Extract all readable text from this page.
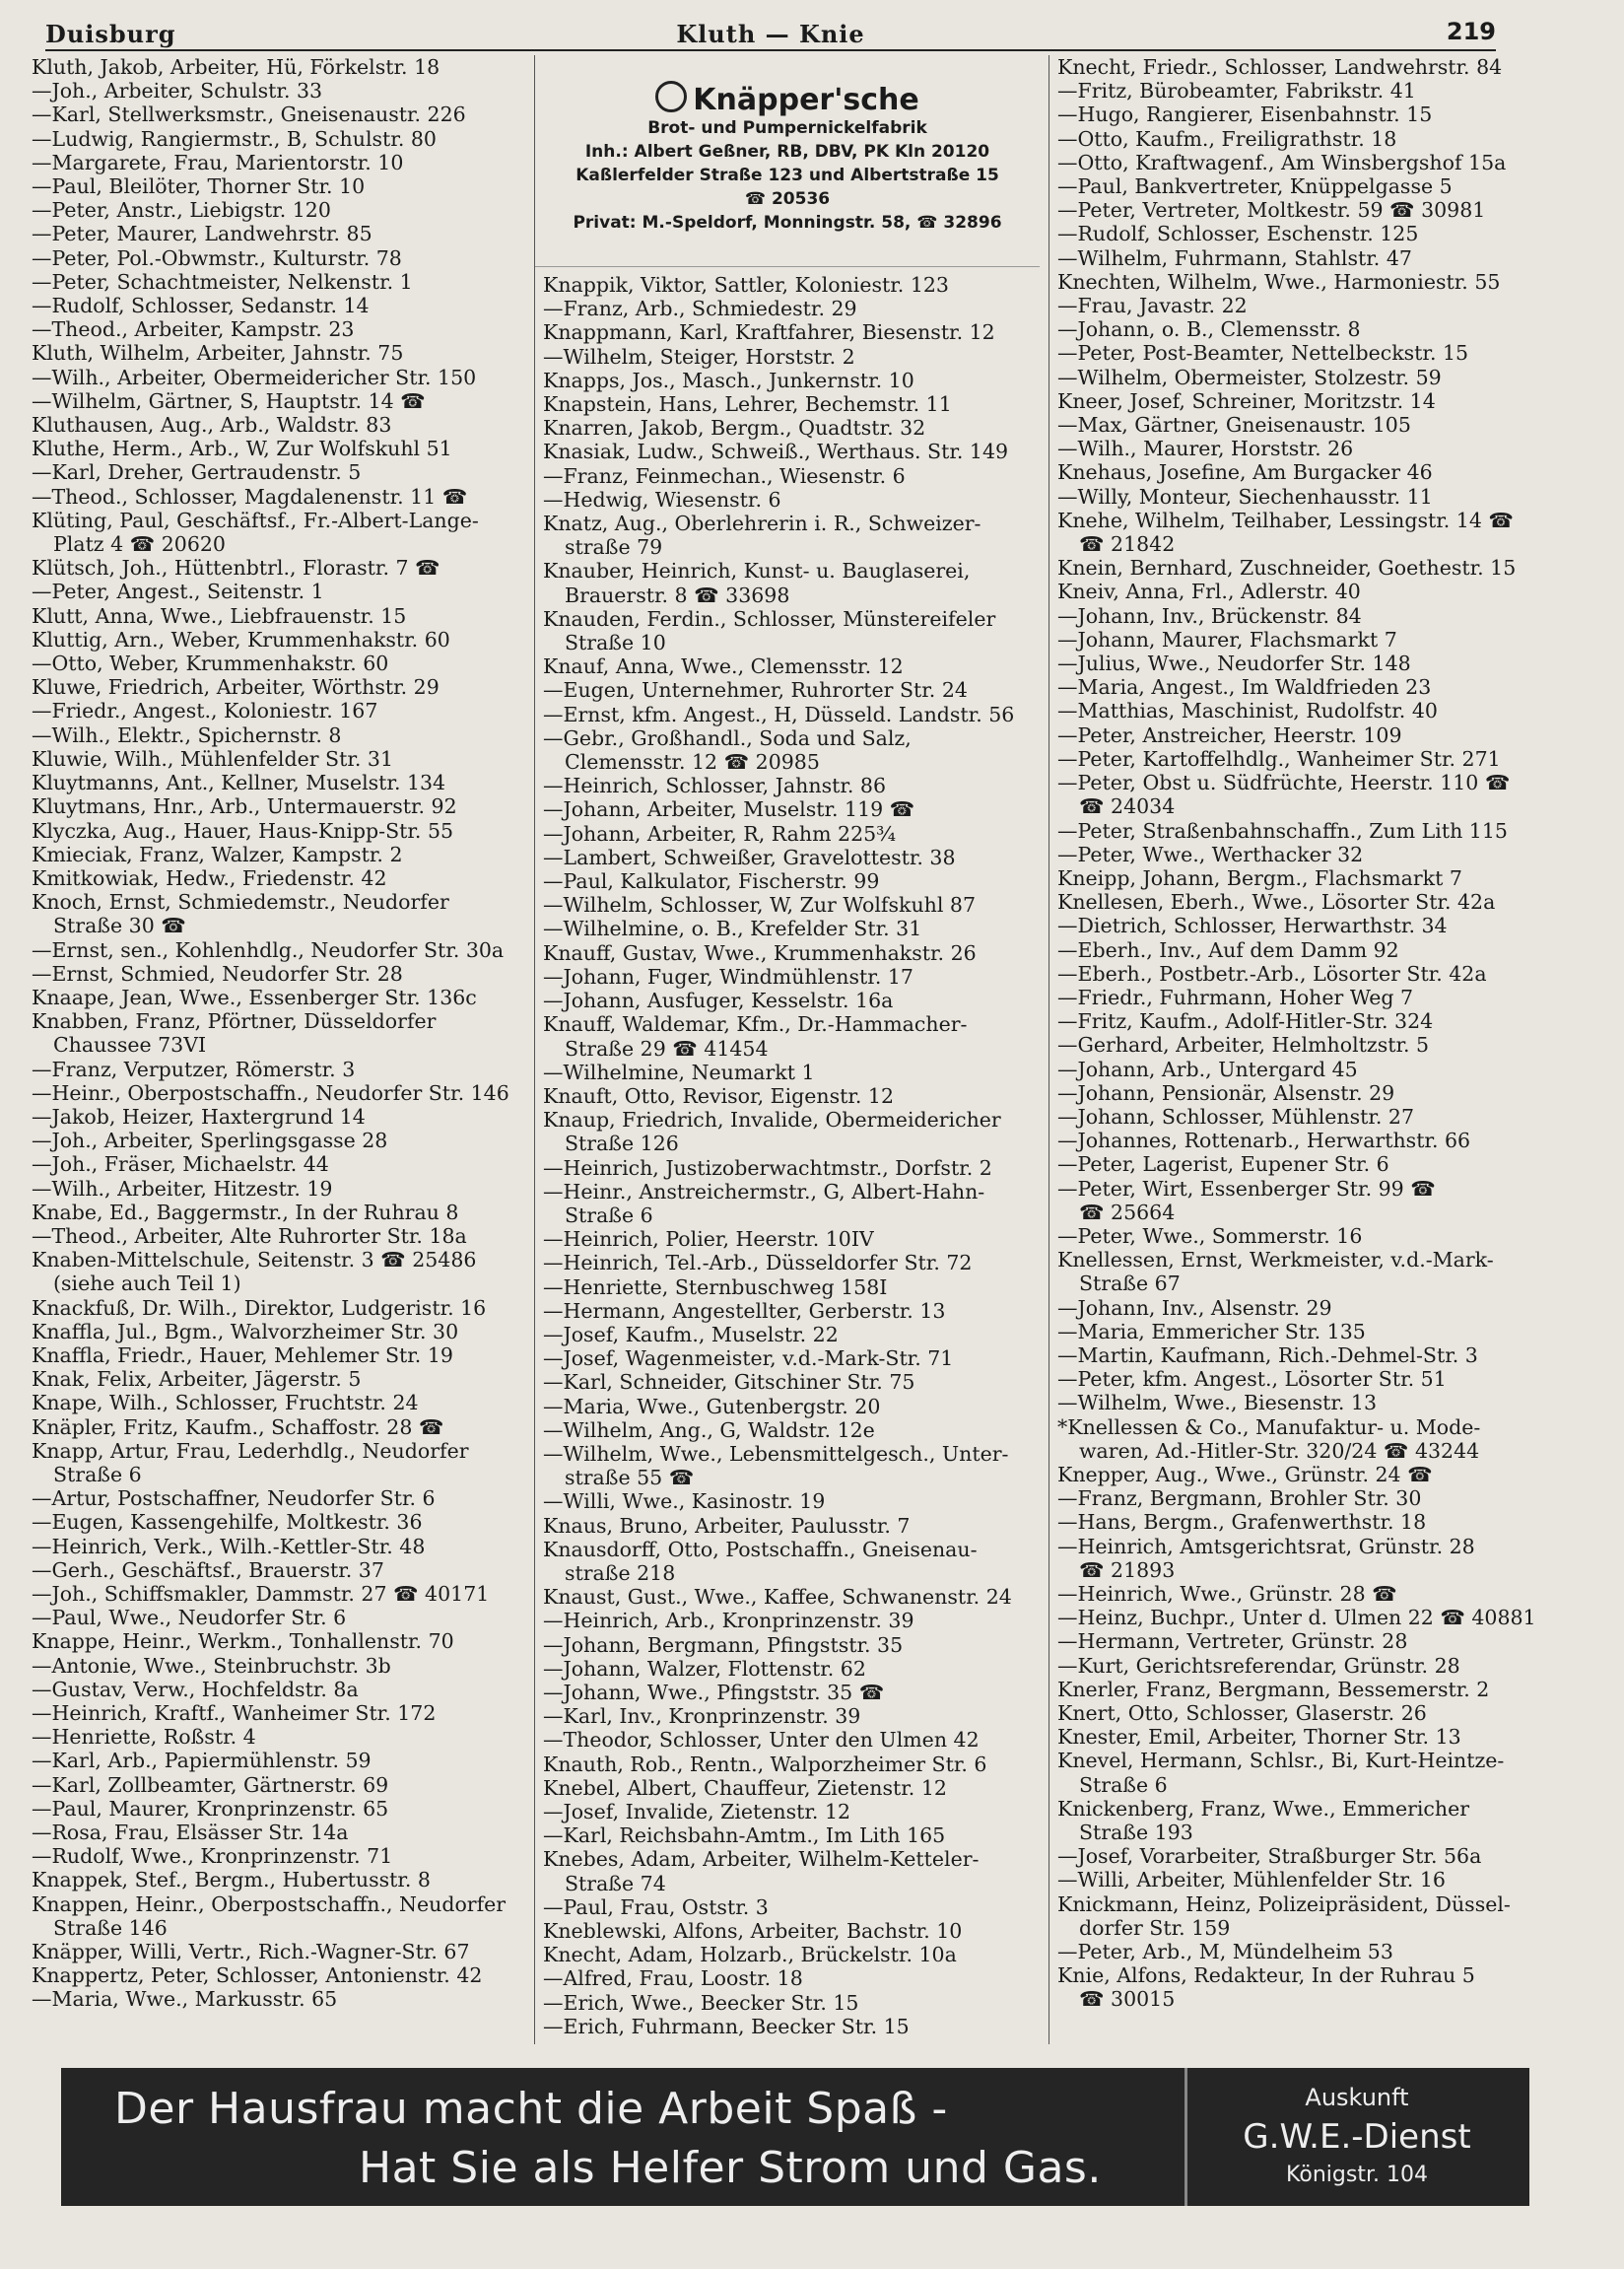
Duisburg	Kluth — Knie	219
Kluth, Jakob, Arbeiter, Hü, Förkelstr. 18
—Joh., Arbeiter, Schulstr. 33
—Karl, Stellwerksmstr., Gneisenaustr. 226
—Ludwig, Rangiermstr., B, Schulstr. 80
—Margarete, Frau, Marientorstr. 10
—Paul, Bleilöter, Thorner Str. 10
—Peter, Anstr., Liebigstr. 120
—Peter, Maurer, Landwehrstr. 85
—Peter, Pol.-Obwmstr., Kulturstr. 78
—Peter, Schachtmeister, Nelkenstr. 1
—Rudolf, Schlosser, Sedanstr. 14
—Theod., Arbeiter, Kampstr. 23
Kluth, Wilhelm, Arbeiter, Jahnstr. 75
—Wilh., Arbeiter, Obermeidericher Str. 150
—Wilhelm, Gärtner, S, Hauptstr. 14 ☎
Kluthausen, Aug., Arb., Waldstr. 83
Kluthe, Herm., Arb., W, Zur Wolfskuhl 51
—Karl, Dreher, Gertraudenstr. 5
—Theod., Schlosser, Magdalenenstr. 11 ☎
Klüting, Paul, Geschäftsf., Fr.-Albert-Lange-
Platz 4 ☎ 20620
Klütsch, Joh., Hüttenbtrl., Florastr. 7 ☎
—Peter, Angest., Seitenstr. 1
Klutt, Anna, Wwe., Liebfrauenstr. 15
Kluttig, Arn., Weber, Krummenhakstr. 60
—Otto, Weber, Krummenhakstr. 60
Kluwe, Friedrich, Arbeiter, Wörthstr. 29
—Friedr., Angest., Koloniestr. 167
—Wilh., Elektr., Spichernstr. 8
Kluwie, Wilh., Mühlenfelder Str. 31
Kluytmanns, Ant., Kellner, Muselstr. 134
Kluytmans, Hnr., Arb., Untermauerstr. 92
Klyczka, Aug., Hauer, Haus-Knipp-Str. 55
Kmieciak, Franz, Walzer, Kampstr. 2
Kmitkowiak, Hedw., Friedenstr. 42
Knoch, Ernst, Schmiedemstr., Neudorfer
Straße 30 ☎
—Ernst, sen., Kohlenhdlg., Neudorfer Str. 30a
—Ernst, Schmied, Neudorfer Str. 28
Knaape, Jean, Wwe., Essenberger Str. 136c
Knabben, Franz, Pförtner, Düsseldorfer
Chaussee 73VI
—Franz, Verputzer, Römerstr. 3
—Heinr., Oberpostschaffn., Neudorfer Str. 146
—Jakob, Heizer, Haxtergrund 14
—Joh., Arbeiter, Sperlingsgasse 28
—Joh., Fräser, Michaelstr. 44
—Wilh., Arbeiter, Hitzestr. 19
Knabe, Ed., Baggermstr., In der Ruhrau 8
—Theod., Arbeiter, Alte Ruhrorter Str. 18a
Knaben-Mittelschule, Seitenstr. 3 ☎ 25486
(siehe auch Teil 1)
Knackfuß, Dr. Wilh., Direktor, Ludgeristr. 16
Knaffla, Jul., Bgm., Walvorzheimer Str. 30
Knaffla, Friedr., Hauer, Mehlemer Str. 19
Knak, Felix, Arbeiter, Jägerstr. 5
Knape, Wilh., Schlosser, Fruchtstr. 24
Knäpler, Fritz, Kaufm., Schaffostr. 28 ☎
Knapp, Artur, Frau, Lederhdlg., Neudorfer
Straße 6
—Artur, Postschaffner, Neudorfer Str. 6
—Eugen, Kassengehilfe, Moltkestr. 36
—Heinrich, Verk., Wilh.-Kettler-Str. 48
—Gerh., Geschäftsf., Brauerstr. 37
—Joh., Schiffsmakler, Dammstr. 27 ☎ 40171
—Paul, Wwe., Neudorfer Str. 6
Knappe, Heinr., Werkm., Tonhallenstr. 70
—Antonie, Wwe., Steinbruchstr. 3b
—Gustav, Verw., Hochfeldstr. 8a
—Heinrich, Kraftf., Wanheimer Str. 172
—Henriette, Roßstr. 4
—Karl, Arb., Papiermühlenstr. 59
—Karl, Zollbeamter, Gärtnerstr. 69
—Paul, Maurer, Kronprinzenstr. 65
—Rosa, Frau, Elsässer Str. 14a
—Rudolf, Wwe., Kronprinzenstr. 71
Knappek, Stef., Bergm., Hubertusstr. 8
Knappen, Heinr., Oberpostschaffn., Neudorfer
Straße 146
Knäpper, Willi, Vertr., Rich.-Wagner-Str. 67
Knappertz, Peter, Schlosser, Antonienstr. 42
—Maria, Wwe., Markusstr. 65
Knäpper'sche
Brot- und Pumpernickelfabrik
Inh.: Albert Geßner, RB, DBV, PK Kln 20120
Kaßlerfelder Straße 123 und Albertstraße 15
☎ 20536
Privat: M.-Speldorf, Monningstr. 58, ☎ 32896
Knappik, Viktor, Sattler, Koloniestr. 123
—Franz, Arb., Schmiedestr. 29
Knappmann, Karl, Kraftfahrer, Biesenstr. 12
—Wilhelm, Steiger, Horststr. 2
Knapps, Jos., Masch., Junkernstr. 10
Knapstein, Hans, Lehrer, Bechemstr. 11
Knarren, Jakob, Bergm., Quadtstr. 32
Knasiak, Ludw., Schweiß., Werthaus. Str. 149
—Franz, Feinmechan., Wiesenstr. 6
—Hedwig, Wiesenstr. 6
Knatz, Aug., Oberlehrerin i. R., Schweizer-
straße 79
Knauber, Heinrich, Kunst- u. Bauglaserei,
Brauerstr. 8 ☎ 33698
Knauden, Ferdin., Schlosser, Münstereifeler
Straße 10
Knauf, Anna, Wwe., Clemensstr. 12
—Eugen, Unternehmer, Ruhrorter Str. 24
—Ernst, kfm. Angest., H, Düsseld. Landstr. 56
—Gebr., Großhandl., Soda und Salz,
Clemensstr. 12 ☎ 20985
—Heinrich, Schlosser, Jahnstr. 86
—Johann, Arbeiter, Muselstr. 119 ☎
—Johann, Arbeiter, R, Rahm 225¾
—Lambert, Schweißer, Gravelottestr. 38
—Paul, Kalkulator, Fischerstr. 99
—Wilhelm, Schlosser, W, Zur Wolfskuhl 87
—Wilhelmine, o. B., Krefelder Str. 31
Knauff, Gustav, Wwe., Krummenhakstr. 26
—Johann, Fuger, Windmühlenstr. 17
—Johann, Ausfuger, Kesselstr. 16a
Knauff, Waldemar, Kfm., Dr.-Hammacher-
Straße 29 ☎ 41454
—Wilhelmine, Neumarkt 1
Knauft, Otto, Revisor, Eigenstr. 12
Knaup, Friedrich, Invalide, Obermeidericher
Straße 126
—Heinrich, Justizoberwachtmstr., Dorfstr. 2
—Heinr., Anstreichermstr., G, Albert-Hahn-
Straße 6
—Heinrich, Polier, Heerstr. 10IV
—Heinrich, Tel.-Arb., Düsseldorfer Str. 72
—Henriette, Sternbuschweg 158I
—Hermann, Angestellter, Gerberstr. 13
—Josef, Kaufm., Muselstr. 22
—Josef, Wagenmeister, v.d.-Mark-Str. 71
—Karl, Schneider, Gitschiner Str. 75
—Maria, Wwe., Gutenbergstr. 20
—Wilhelm, Ang., G, Waldstr. 12e
—Wilhelm, Wwe., Lebensmittelgesch., Unter-
straße 55 ☎
—Willi, Wwe., Kasinostr. 19
Knaus, Bruno, Arbeiter, Paulusstr. 7
Knausdorff, Otto, Postschaffn., Gneisenau-
straße 218
Knaust, Gust., Wwe., Kaffee, Schwanenstr. 24
—Heinrich, Arb., Kronprinzenstr. 39
—Johann, Bergmann, Pfingststr. 35
—Johann, Walzer, Flottenstr. 62
—Johann, Wwe., Pfingststr. 35 ☎
—Karl, Inv., Kronprinzenstr. 39
—Theodor, Schlosser, Unter den Ulmen 42
Knauth, Rob., Rentn., Walporzheimer Str. 6
Knebel, Albert, Chauffeur, Zietenstr. 12
—Josef, Invalide, Zietenstr. 12
—Karl, Reichsbahn-Amtm., Im Lith 165
Knebes, Adam, Arbeiter, Wilhelm-Ketteler-
Straße 74
—Paul, Frau, Oststr. 3
Kneblewski, Alfons, Arbeiter, Bachstr. 10
Knecht, Adam, Holzarb., Brückelstr. 10a
—Alfred, Frau, Loostr. 18
—Erich, Wwe., Beecker Str. 15
—Erich, Fuhrmann, Beecker Str. 15
Knecht, Friedr., Schlosser, Landwehrstr. 84
—Fritz, Bürobeamter, Fabrikstr. 41
—Hugo, Rangierer, Eisenbahnstr. 15
—Otto, Kaufm., Freiligrathstr. 18
—Otto, Kraftwagenf., Am Winsbergshof 15a
—Paul, Bankvertreter, Knüppelgasse 5
—Peter, Vertreter, Moltkestr. 59 ☎ 30981
—Rudolf, Schlosser, Eschenstr. 125
—Wilhelm, Fuhrmann, Stahlstr. 47
Knechten, Wilhelm, Wwe., Harmoniestr. 55
—Frau, Javastr. 22
—Johann, o. B., Clemensstr. 8
—Peter, Post-Beamter, Nettelbeckstr. 15
—Wilhelm, Obermeister, Stolzestr. 59
Kneer, Josef, Schreiner, Moritzstr. 14
—Max, Gärtner, Gneisenaustr. 105
—Wilh., Maurer, Horststr. 26
Knehaus, Josefine, Am Burgacker 46
—Willy, Monteur, Siechenhausstr. 11
Knehe, Wilhelm, Teilhaber, Lessingstr. 14 ☎
☎ 21842
Knein, Bernhard, Zuschneider, Goethestr. 15
Kneiv, Anna, Frl., Adlerstr. 40
—Johann, Inv., Brückenstr. 84
—Johann, Maurer, Flachsmarkt 7
—Julius, Wwe., Neudorfer Str. 148
—Maria, Angest., Im Waldfrieden 23
—Matthias, Maschinist, Rudolfstr. 40
—Peter, Anstreicher, Heerstr. 109
—Peter, Kartoffelhdlg., Wanheimer Str. 271
—Peter, Obst u. Südfrüchte, Heerstr. 110 ☎
☎ 24034
—Peter, Straßenbahnschaffn., Zum Lith 115
—Peter, Wwe., Werthacker 32
Kneipp, Johann, Bergm., Flachsmarkt 7
Knellesen, Eberh., Wwe., Lösorter Str. 42a
—Dietrich, Schlosser, Herwarthstr. 34
—Eberh., Inv., Auf dem Damm 92
—Eberh., Postbetr.-Arb., Lösorter Str. 42a
—Friedr., Fuhrmann, Hoher Weg 7
—Fritz, Kaufm., Adolf-Hitler-Str. 324
—Gerhard, Arbeiter, Helmholtzstr. 5
—Johann, Arb., Untergard 45
—Johann, Pensionär, Alsenstr. 29
—Johann, Schlosser, Mühlenstr. 27
—Johannes, Rottenarb., Herwarthstr. 66
—Peter, Lagerist, Eupener Str. 6
—Peter, Wirt, Essenberger Str. 99 ☎
☎ 25664
—Peter, Wwe., Sommerstr. 16
Knellessen, Ernst, Werkmeister, v.d.-Mark-
Straße 67
—Johann, Inv., Alsenstr. 29
—Maria, Emmericher Str. 135
—Martin, Kaufmann, Rich.-Dehmel-Str. 3
—Peter, kfm. Angest., Lösorter Str. 51
—Wilhelm, Wwe., Biesenstr. 13
*Knellessen & Co., Manufaktur- u. Mode-
waren, Ad.-Hitler-Str. 320/24 ☎ 43244
Knepper, Aug., Wwe., Grünstr. 24 ☎
—Franz, Bergmann, Brohler Str. 30
—Hans, Bergm., Grafenwerthstr. 18
—Heinrich, Amtsgerichtsrat, Grünstr. 28
☎ 21893
—Heinrich, Wwe., Grünstr. 28 ☎
—Heinz, Buchpr., Unter d. Ulmen 22 ☎ 40881
—Hermann, Vertreter, Grünstr. 28
—Kurt, Gerichtsreferendar, Grünstr. 28
Knerler, Franz, Bergmann, Bessemerstr. 2
Knert, Otto, Schlosser, Glaserstr. 26
Knester, Emil, Arbeiter, Thorner Str. 13
Knevel, Hermann, Schlsr., Bi, Kurt-Heintze-
Straße 6
Knickenberg, Franz, Wwe., Emmericher
Straße 193
—Josef, Vorarbeiter, Straßburger Str. 56a
—Willi, Arbeiter, Mühlenfelder Str. 16
Knickmann, Heinz, Polizeipräsident, Düssel-
dorfer Str. 159
—Peter, Arb., M, Mündelheim 53
Knie, Alfons, Redakteur, In der Ruhrau 5
☎ 30015
Der Hausfrau macht die Arbeit Spaß -
Hat Sie als Helfer Strom und Gas.
Auskunft
G.W.E.-Dienst
Königstr. 104
